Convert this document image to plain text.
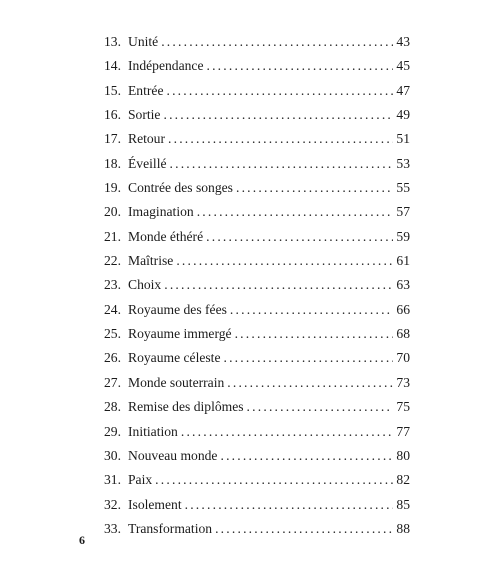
13. Unité .....	43
14. Indépendance .....	45
15. Entrée .....	47
16. Sortie .....	49
17. Retour .....	51
18. Éveillé .....	53
19. Contrée des songes .....	55
20. Imagination .....	57
21. Monde éthéré .....	59
22. Maîtrise .....	61
23. Choix .....	63
24. Royaume des fées .....	66
25. Royaume immergé .....	68
26. Royaume céleste .....	70
27. Monde souterrain .....	73
28. Remise des diplômes .....	75
29. Initiation .....	77
30. Nouveau monde .....	80
31. Paix .....	82
32. Isolement .....	85
33. Transformation .....	88
6
